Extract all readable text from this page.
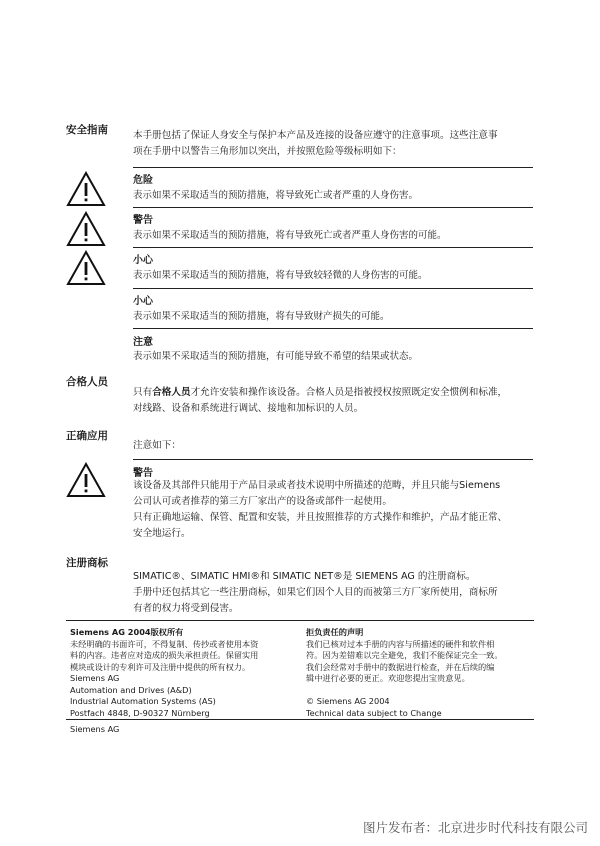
安全指南	本手册包括了保证人身安全与保护本产品及连接的设备应遵守的注意事项。这些注意事
项在手册中以警告三角形加以突出，并按照危险等级标明如下：
危险
表示如果不采取适当的预防措施，将导致死亡或者严重的人身伤害。
警告
表示如果不采取适当的预防措施，将有导致死亡或者严重人身伤害的可能。
小心
表示如果不采取适当的预防措施，将有导致较轻微的人身伤害的可能。
小心
表示如果不采取适当的预防措施，将有导致财产损失的可能。
注意
表示如果不采取适当的预防措施，有可能导致不希望的结果或状态。
合格人员
只有合格人员才允许安装和操作该设备。合格人员是指被授权按照既定安全惯例和标准，
对线路、设备和系统进行调试、接地和加标识的人员。
正确应用
注意如下：
警告
该设备及其部件只能用于产品目录或者技术说明中所描述的范畴，并且只能与Siemens
公司认可或者推荐的第三方厂家出产的设备或部件一起使用。
只有正确地运输、保管、配置和安装，并且按照推荐的方式操作和维护，产品才能正常、
安全地运行。
注册商标
SIMATIC®、SIMATIC HMI®和 SIMATIC NET®是 SIEMENS AG 的注册商标。
手册中还包括其它一些注册商标，如果它们因个人目的而被第三方厂家所使用，商标所
有者的权力将受到侵害。
Siemens AG 2004版权所有
未经明确的书面许可，不得复制、传抄或者使用本资
料的内容。违者应对造成的损失承担责任。保留实用
模块或设计的专利许可及注册中提供的所有权力。
Siemens AG
Automation and Drives (A&D)
Industrial Automation Systems (AS)
Postfach 4848, D-90327 Nürnberg
拒负责任的声明
我们已核对过本手册的内容与所描述的硬件和软件相
符。因为差错难以完全避免，我们不能保证完全一致。
我们会经常对手册中的数据进行检查，并在后续的编
辑中进行必要的更正。欢迎您提出宝贵意见。
© Siemens AG 2004
Technical data subject to Change
Siemens AG
图片发布者：北京进步时代科技有限公司
